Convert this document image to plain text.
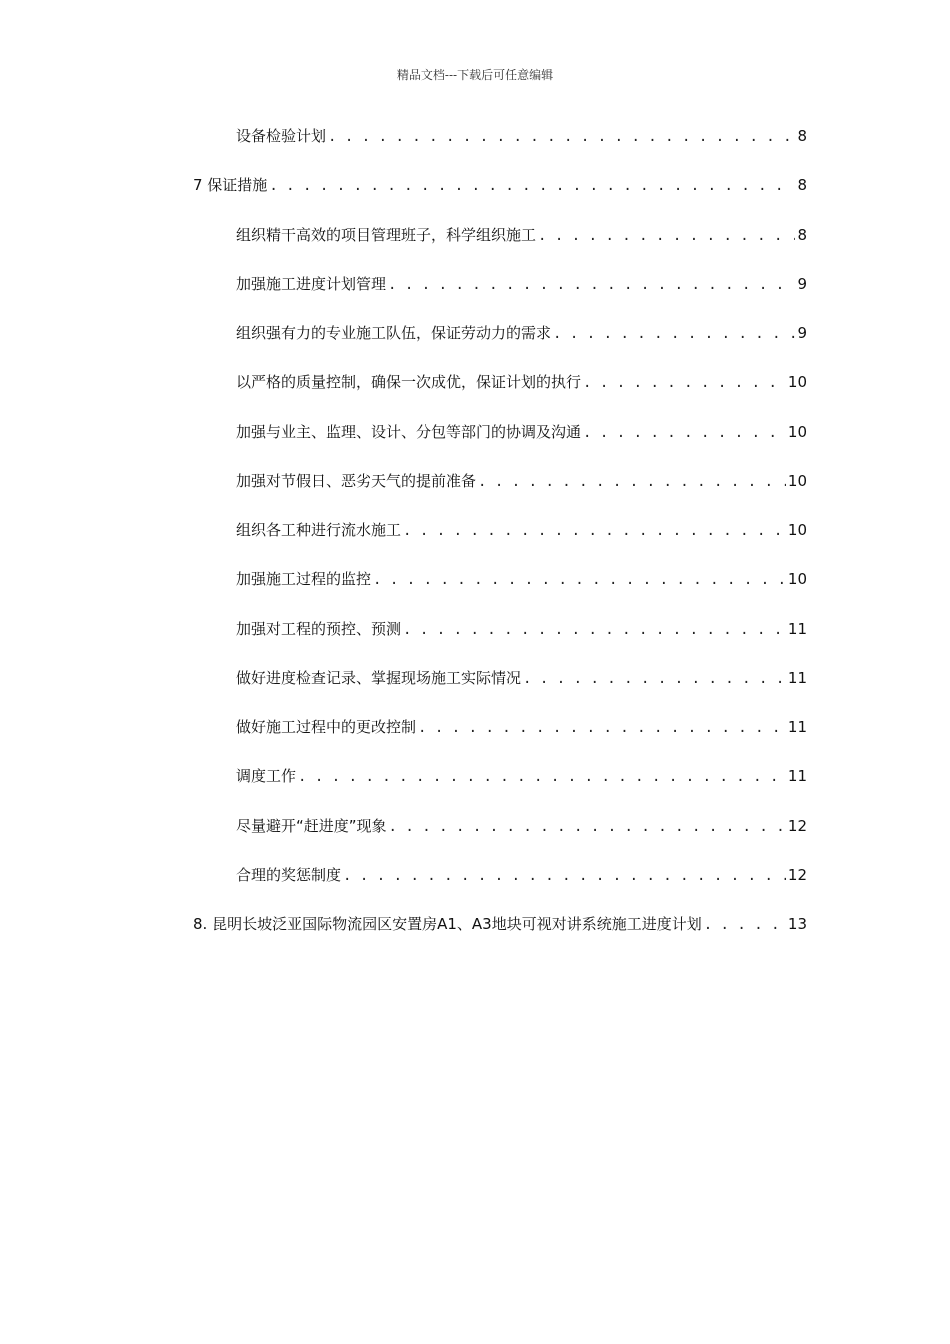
精品文档---下载后可任意编辑
设备检验计划 . . .	8
7 保证措施 . . .	8
组织精干高效的项目管理班子，科学组织施工 . . .	8
加强施工进度计划管理 . . .	9
组织强有力的专业施工队伍，保证劳动力的需求 . . .	9
以严格的质量控制，确保一次成优，保证计划的执行 . . .	10
加强与业主、监理、设计、分包等部门的协调及沟通 . . .	10
加强对节假日、恶劣天气的提前准备 . . .	10
组织各工种进行流水施工 . . .	10
加强施工过程的监控 . . .	10
加强对工程的预控、预测 . . .	11
做好进度检查记录、掌握现场施工实际情况 . . .	11
做好施工过程中的更改控制 . . .	11
调度工作 . . .	11
尽量避开“赶进度”现象 . . .	12
合理的奖惩制度 . . .	12
8. 昆明长坡泛亚国际物流园区安置房A1、A3地块可视对讲系统施工进度计划 . . .	13
